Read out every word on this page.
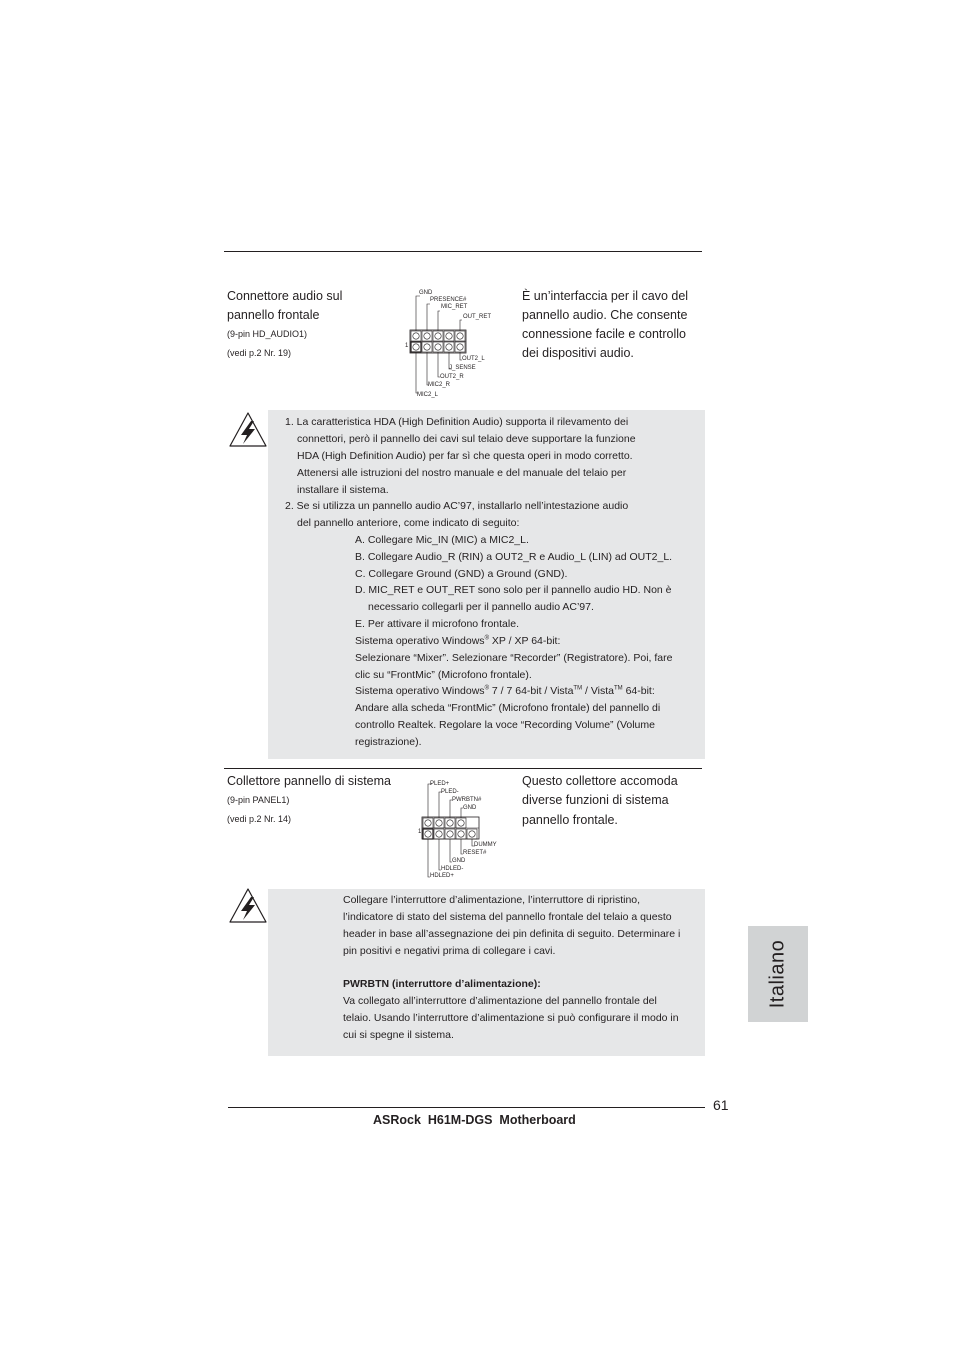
Connettore audio sul
pannello frontale
(9-pin HD_AUDIO1)
(vedi p.2 Nr. 19)
È un’interfaccia per il cavo del
pannello audio. Che consente
connessione facile e controllo
dei dispositivi audio.
GND
PRESENCE#
MIC_RET
OUT_RET
1
OUT2_L
J_SENSE
OUT2_R
MIC2_R
MIC2_L
1. La caratteristica HDA (High Definition Audio) supporta il rilevamento dei
connettori, però il pannello dei cavi sul telaio deve supportare la funzione
HDA (High Definition Audio) per far sì che questa operi in modo corretto.
Attenersi alle istruzioni del nostro manuale e del manuale del telaio per
installare il sistema.
2. Se si utilizza un pannello audio AC’97, installarlo nell’intestazione audio
del pannello anteriore, come indicato di seguito:
A. Collegare Mic_IN (MIC) a MIC2_L.
B. Collegare Audio_R (RIN) a OUT2_R e Audio_L (LIN) ad OUT2_L.
C. Collegare Ground (GND) a Ground (GND).
D. MIC_RET e OUT_RET sono solo per il pannello audio HD. Non è
necessario collegarli per il pannello audio AC’97.
E. Per attivare il microfono frontale.
Sistema operativo Windows® XP / XP 64-bit:
Selezionare “Mixer”. Selezionare “Recorder” (Registratore). Poi, fare
clic su “FrontMic” (Microfono frontale).
Sistema operativo Windows® 7 / 7 64-bit / Vista™ / Vista™ 64-bit:
Andare alla scheda “FrontMic” (Microfono frontale) del pannello di
controllo Realtek. Regolare la voce “Recording Volume” (Volume
registrazione).
Collettore pannello di sistema
(9-pin PANEL1)
(vedi p.2 Nr. 14)
Questo collettore accomoda
diverse funzioni di sistema
pannello frontale.
PLED+
PLED-
PWRBTN#
GND
1
DUMMY
RESET#
GND
HDLED-
HDLED+
Collegare l’interruttore d’alimentazione, l’interruttore di ripristino,
l’indicatore di stato del sistema del pannello frontale del telaio a questo
header in base all’assegnazione dei pin definita di seguito. Determinare i
pin positivi e negativi prima di collegare i cavi.
PWRBTN (interruttore d’alimentazione):
Va collegato all’interruttore d’alimentazione del pannello frontale del
telaio. Usando l’interruttore d’alimentazione si può configurare il modo in
cui si spegne il sistema.
Italiano
61
ASRock  H61M-DGS  Motherboard
